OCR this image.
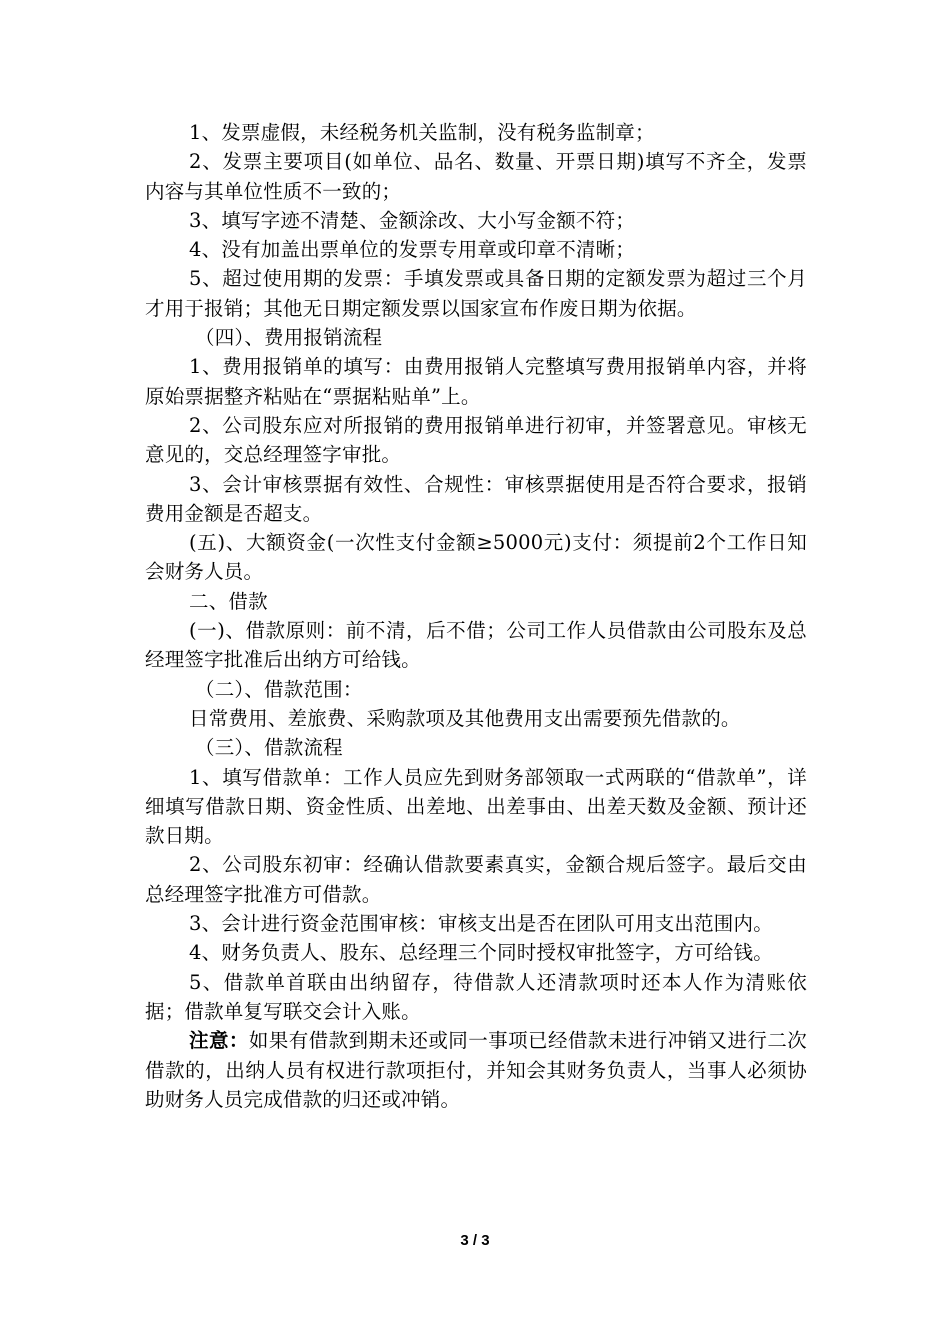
1、发票虚假，未经税务机关监制，没有税务监制章；

2、发票主要项目(如单位、品名、数量、开票日期)填写不齐全，发票内容与其单位性质不一致的；

3、填写字迹不清楚、金额涂改、大小写金额不符；

4、没有加盖出票单位的发票专用章或印章不清晰；

5、超过使用期的发票：手填发票或具备日期的定额发票为超过三个月才用于报销；其他无日期定额发票以国家宣布作废日期为依据。

（四）、费用报销流程

1、费用报销单的填写：由费用报销人完整填写费用报销单内容，并将原始票据整齐粘贴在“票据粘贴单”上。

2、公司股东应对所报销的费用报销单进行初审，并签署意见。审核无意见的，交总经理签字审批。

3、会计审核票据有效性、合规性：审核票据使用是否符合要求，报销费用金额是否超支。

(五)、大额资金(一次性支付金额≥5000元)支付：须提前2个工作日知会财务人员。

二、借款

(一)、借款原则：前不清，后不借；公司工作人员借款由公司股东及总经理签字批准后出纳方可给钱。

（二）、借款范围：

日常费用、差旅费、采购款项及其他费用支出需要预先借款的。

（三）、借款流程

1、填写借款单：工作人员应先到财务部领取一式两联的“借款单”，详细填写借款日期、资金性质、出差地、出差事由、出差天数及金额、预计还款日期。

2、公司股东初审：经确认借款要素真实，金额合规后签字。最后交由总经理签字批准方可借款。

3、会计进行资金范围审核：审核支出是否在团队可用支出范围内。

4、财务负责人、股东、总经理三个同时授权审批签字，方可给钱。

5、借款单首联由出纳留存，待借款人还清款项时还本人作为清账依据；借款单复写联交会计入账。

注意：如果有借款到期未还或同一事项已经借款未进行冲销又进行二次借款的，出纳人员有权进行款项拒付，并知会其财务负责人，当事人必须协助财务人员完成借款的归还或冲销。

3 / 3
